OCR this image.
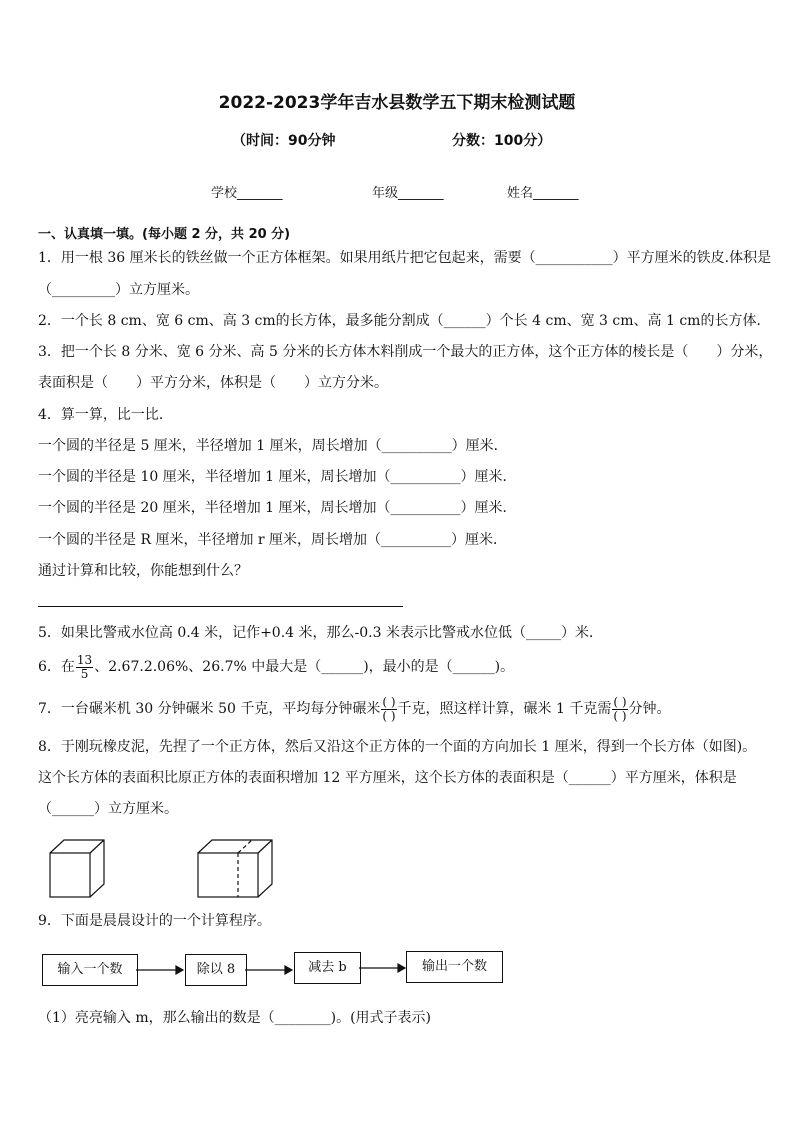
2022-2023学年吉水县数学五下期末检测试题
（时间：90分钟	分数：100分）
学校_______	年级_______	姓名_______
一、认真填一填。(每小题 2 分，共 20 分)
1．用一根 36 厘米长的铁丝做一个正方体框架。如果用纸片把它包起来，需要（___________）平方厘米的铁皮.体积是
（_________）立方厘米。
2．一个长 8 cm、宽 6 cm、高 3 cm的长方体，最多能分割成（______）个长 4 cm、宽 3 cm、高 1 cm的长方体．
3．把一个长 8 分米、宽 6 分米、高 5 分米的长方体木料削成一个最大的正方体，这个正方体的棱长是（　　）分米，
表面积是（　　）平方分米，体积是（　　）立方分米。
4．算一算，比一比．
一个圆的半径是 5 厘米，半径增加 1 厘米，周长增加（__________）厘米．
一个圆的半径是 10 厘米，半径增加 1 厘米，周长增加（__________）厘米．
一个圆的半径是 20 厘米，半径增加 1 厘米，周长增加（__________）厘米．
一个圆的半径是 R 厘米，半径增加 r 厘米，周长增加（__________）厘米．
通过计算和比较，你能想到什么？
5．如果比警戒水位高 0.4 米，记作+0.4 米，那么-0.3 米表示比警戒水位低（_____）米．
6．在 $\frac{13}{5}$ 、2.67.2.06%、26.7% 中最大是（______)，最小的是（______)。
7．一台碾米机 30 分钟碾米 50 千克，平均每分钟碾米 $\frac{( )}{( )}$ 千克，照这样计算，碾米 1 千克需 $\frac{( )}{( )}$ 分钟。
8．于刚玩橡皮泥，先捏了一个正方体，然后又沿这个正方体的一个面的方向加长 1 厘米，得到一个长方体（如图)。
这个长方体的表面积比原正方体的表面积增加 12 平方厘米，这个长方体的表面积是（______）平方厘米，体积是
（______）立方厘米。
输入一个数	除以 8	减去 b	输出一个数
9．下面是晨晨设计的一个计算程序。
（1）亮亮输入 m，那么输出的数是（________)。(用式子表示)
